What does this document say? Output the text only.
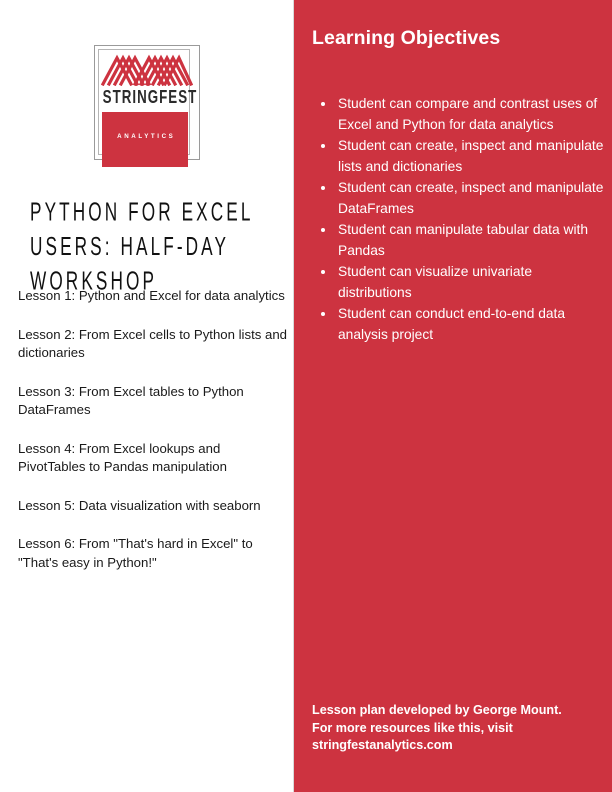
STRINGFEST
ANALYTICS
PYTHON FOR EXCEL
USERS: HALF-DAY
WORKSHOP
Lesson 1: Python and Excel for data analytics
Lesson 2: From Excel cells to Python lists and dictionaries
Lesson 3: From Excel tables to Python DataFrames
Lesson 4: From Excel lookups and PivotTables to Pandas manipulation
Lesson 5: Data visualization with seaborn
Lesson 6: From "That's hard in Excel" to "That's easy in Python!"
Learning Objectives
Student can compare and contrast uses of Excel and Python for data analytics
Student can create, inspect and manipulate lists and dictionaries
Student can create, inspect and manipulate DataFrames
Student can manipulate tabular data with Pandas
Student can visualize univariate distributions
Student can conduct end-to-end data analysis project
Lesson plan developed by George Mount.
For more resources like this, visit
stringfestanalytics.com
